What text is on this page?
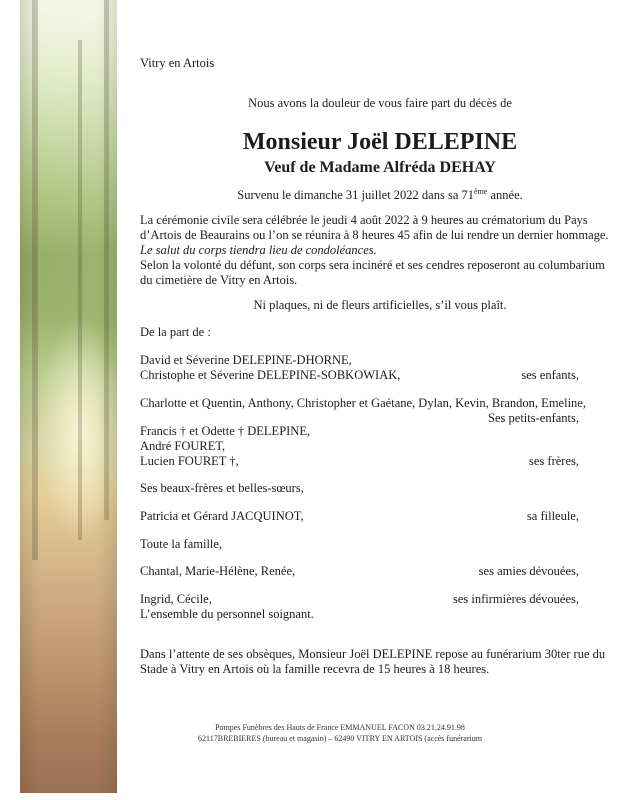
Vitry en Artois

Nous avons la douleur de vous faire part du décès de

Monsieur Joël DELEPINE

Veuf de Madame Alfréda DEHAY

Survenu le dimanche 31 juillet 2022 dans sa 71ème année.

La cérémonie civile sera célébrée le jeudi 4 août 2022 à 9 heures au crématorium du Pays

d’Artois de Beaurains ou l’on se réunira à 8 heures 45 afin de lui rendre un dernier hommage.

Le salut du corps tiendra lieu de condoléances.

Selon la volonté du défunt, son corps sera incinéré et ses cendres reposeront au columbarium

du cimetière de Vitry en Artois.

Ni plaques, ni de fleurs artificielles, s’il vous plaît.

De la part de :

David et Séverine DELEPINE-DHORNE,

Christophe et Séverine DELEPINE-SOBKOWIAK,	ses enfants,

Charlotte et Quentin, Anthony, Christopher et Gaétane, Dylan, Kevin, Brandon, Emeline,

Ses petits-enfants,

Francis † et Odette † DELEPINE,

André FOURET,

Lucien FOURET †,	ses frères,

Ses beaux-frères et belles-sœurs,

Patricia et Gérard JACQUINOT,	sa filleule,

Toute la famille,

Chantal, Marie-Hélène, Renée,	ses amies dévouées,

Ingrid, Cécile,	ses infirmières dévouées,

L’ensemble du personnel soignant.

Dans l’attente de ses obsèques, Monsieur Joël DELEPINE repose au funérarium 30ter rue du

Stade à Vitry en Artois où la famille recevra de 15 heures à 18 heures.

Pompes Funèbres des Hauts de France EMMANUEL FACON 03.21.24.91.98

62117BREBIERES (bureau et magasin) – 62490 VITRY EN ARTOIS (accès funérarium
